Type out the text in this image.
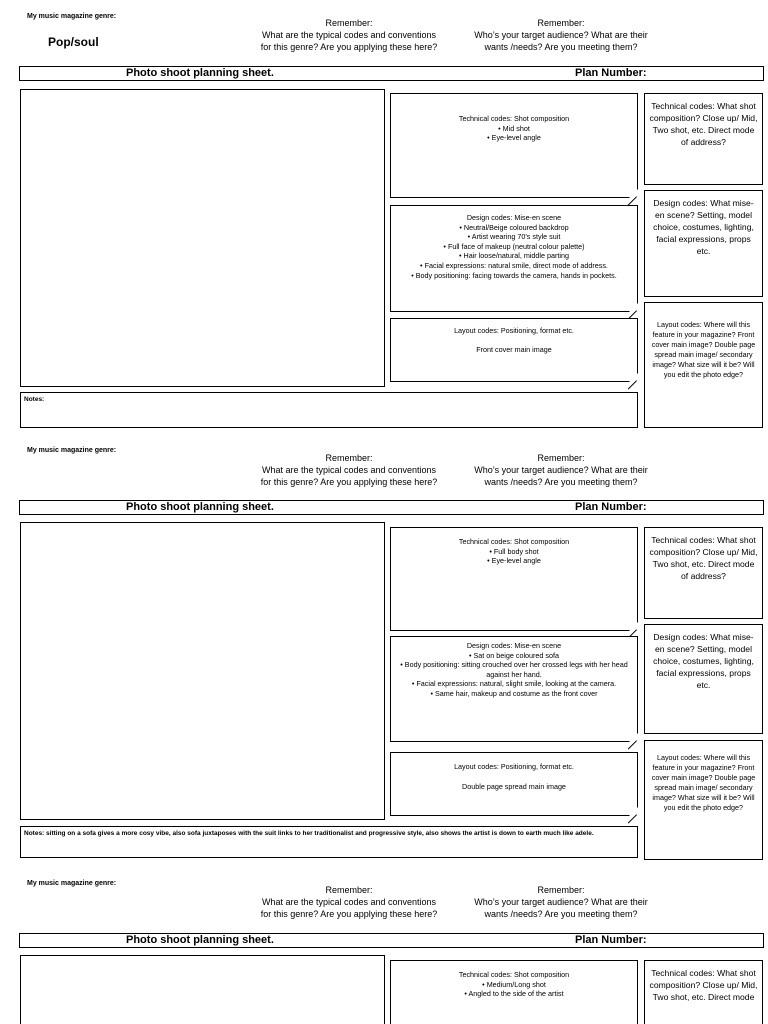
My music magazine genre:
Pop/soul
Remember:
What are the typical codes and conventions
for this genre? Are you applying these here?
Remember:
Who’s your target audience? What are their
wants /needs? Are you meeting them?
Photo shoot planning sheet.	Plan Number:
Technical codes: Shot composition
• Mid shot
• Eye-level angle
Design codes: Mise-en scene
• Neutral/Beige coloured backdrop
• Artist wearing 70’s style suit
• Full face of makeup (neutral colour palette)
• Hair loose/natural, middle parting
• Facial expressions: natural smile, direct mode of address.
• Body positioning: facing towards the camera, hands in pockets.
Layout codes: Positioning, format etc.
Front cover main image
Technical codes: What shot composition? Close up/ Mid, Two shot, etc. Direct mode of address?
Design codes: What mise-en scene? Setting, model choice, costumes, lighting, facial expressions, props etc.
Layout codes: Where will this feature in your magazine? Front cover main image? Double page spread main image/ secondary image? What size will it be? Will you edit the photo edge?
Notes:
My music magazine genre:
Remember:
What are the typical codes and conventions
for this genre? Are you applying these here?
Remember:
Who’s your target audience? What are their
wants /needs? Are you meeting them?
Photo shoot planning sheet.	Plan Number:
Technical codes: Shot composition
• Full body shot
• Eye-level angle
Design codes: Mise-en scene
• Sat on beige coloured sofa
• Body positioning: sitting crouched over her crossed legs with her head against her hand.
• Facial expressions: natural, slight smile, looking at the camera.
• Same hair, makeup and costume as the front cover
Layout codes: Positioning, format etc.
Double page spread main image
Technical codes: What shot composition? Close up/ Mid, Two shot, etc. Direct mode of address?
Design codes: What mise-en scene? Setting, model choice, costumes, lighting, facial expressions, props etc.
Layout codes: Where will this feature in your magazine? Front cover main image? Double page spread main image/ secondary image? What size will it be? Will you edit the photo edge?
Notes: sitting on a sofa gives a more cosy vibe, also sofa juxtaposes with the suit links to her traditionalist and progressive style, also shows the artist is down to earth much like adele.
My music magazine genre:
Remember:
What are the typical codes and conventions
for this genre? Are you applying these here?
Remember:
Who’s your target audience? What are their
wants /needs? Are you meeting them?
Photo shoot planning sheet.	Plan Number:
Technical codes: Shot composition
• Medium/Long shot
• Angled to the side of the artist
Technical codes: What shot composition? Close up/ Mid, Two shot, etc. Direct mode
